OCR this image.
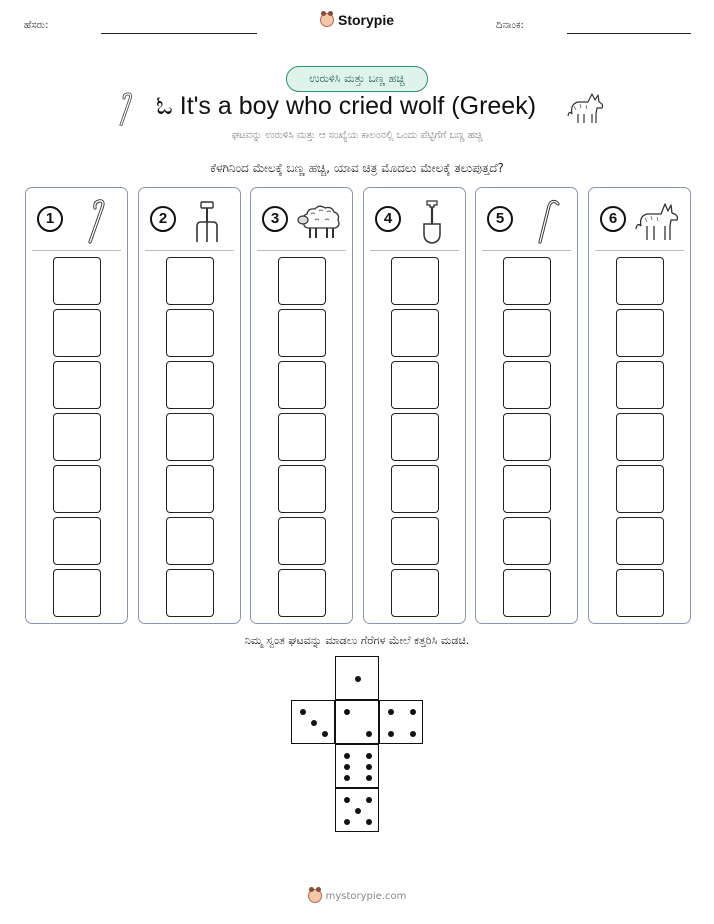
ಹೆಸರು:	Storypie	ದಿನಾಂಕ:
ಉರುಳಿಸಿ ಮತ್ತು ಬಣ್ಣ ಹಚ್ಚಿ
ಓ It's a boy who cried wolf (Greek)
ಘಟವನ್ನು ಉರುಳಿಸಿ ಮತ್ತು ಆ ಸಂಖ್ಯೆಯ ಕಾಲಂನಲ್ಲಿ ಒಂದು ಪೆಟ್ಟಿಗೆಗೆ ಬಣ್ಣ ಹಚ್ಚಿ
ಕೆಳಗಿನಿಂದ ಮೇಲಕ್ಕೆ ಬಣ್ಣ ಹಚ್ಚಿ, ಯಾವ ಚಿತ್ರ ಮೊದಲು ಮೇಲಕ್ಕೆ ತಲುಪುತ್ತದೆ?
1	2	3	4	5	6
ನಿಮ್ಮ ಸ್ವಂತ ಘಟವನ್ನು ಮಾಡಲು ಗೆರೆಗಳ ಮೇಲೆ ಕತ್ತರಿಸಿ ಮಡಚಿ.
mystorypie.com
